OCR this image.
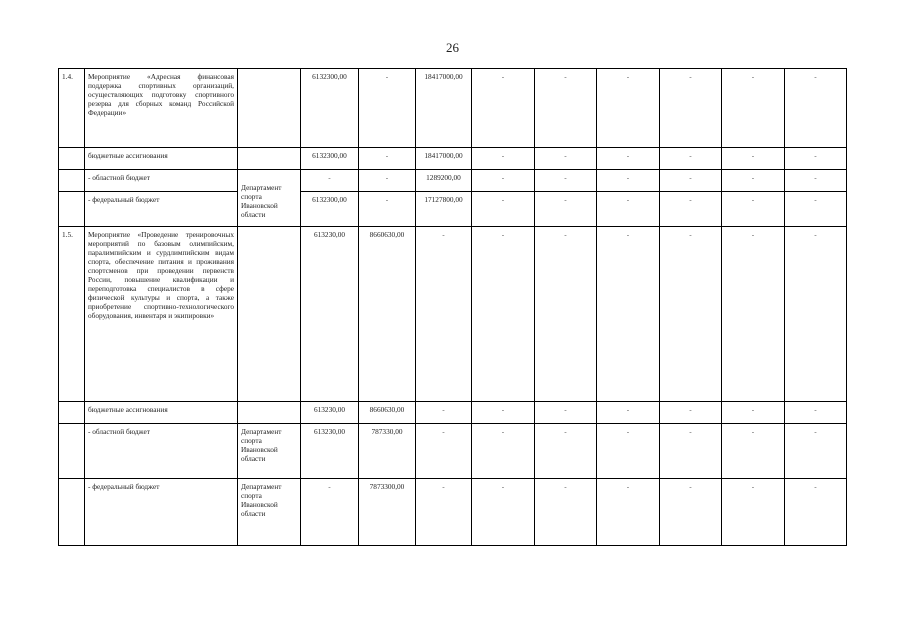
26
1.4.	Мероприятие «Адресная финансовая поддержка спортивных организаций, осуществляющих подготовку спортивного резерва для сборных команд Российской Федерации»		6132300,00	-	18417000,00	-	-	-	-	-	-
	бюджетные ассигнования		6132300,00	-	18417000,00	-	-	-	-	-	-
	- областной бюджет	Департамент спорта Ивановской области	-	-	1289200,00	-	-	-	-	-	-
	- федеральный бюджет		6132300,00	-	17127800,00	-	-	-	-	-	-
1.5.	Мероприятие «Проведение тренировочных мероприятий по базовым олимпийским, паралимпийским и сурдлимпийским видам спорта, обеспечение питания и проживания спортсменов при проведении первенств России, повышение квалификации и переподготовка специалистов в сфере физической культуры и спорта, а также приобретение спортивно-технологического оборудования, инвентаря и экипировки»		613230,00	8660630,00	-	-	-	-	-	-	-
	бюджетные ассигнования		613230,00	8660630,00	-	-	-	-	-	-	-
	- областной бюджет	Департамент спорта Ивановской области	613230,00	787330,00	-	-	-	-	-	-	-
	- федеральный бюджет	Департамент спорта Ивановской области	-	7873300,00	-	-	-	-	-	-	-
